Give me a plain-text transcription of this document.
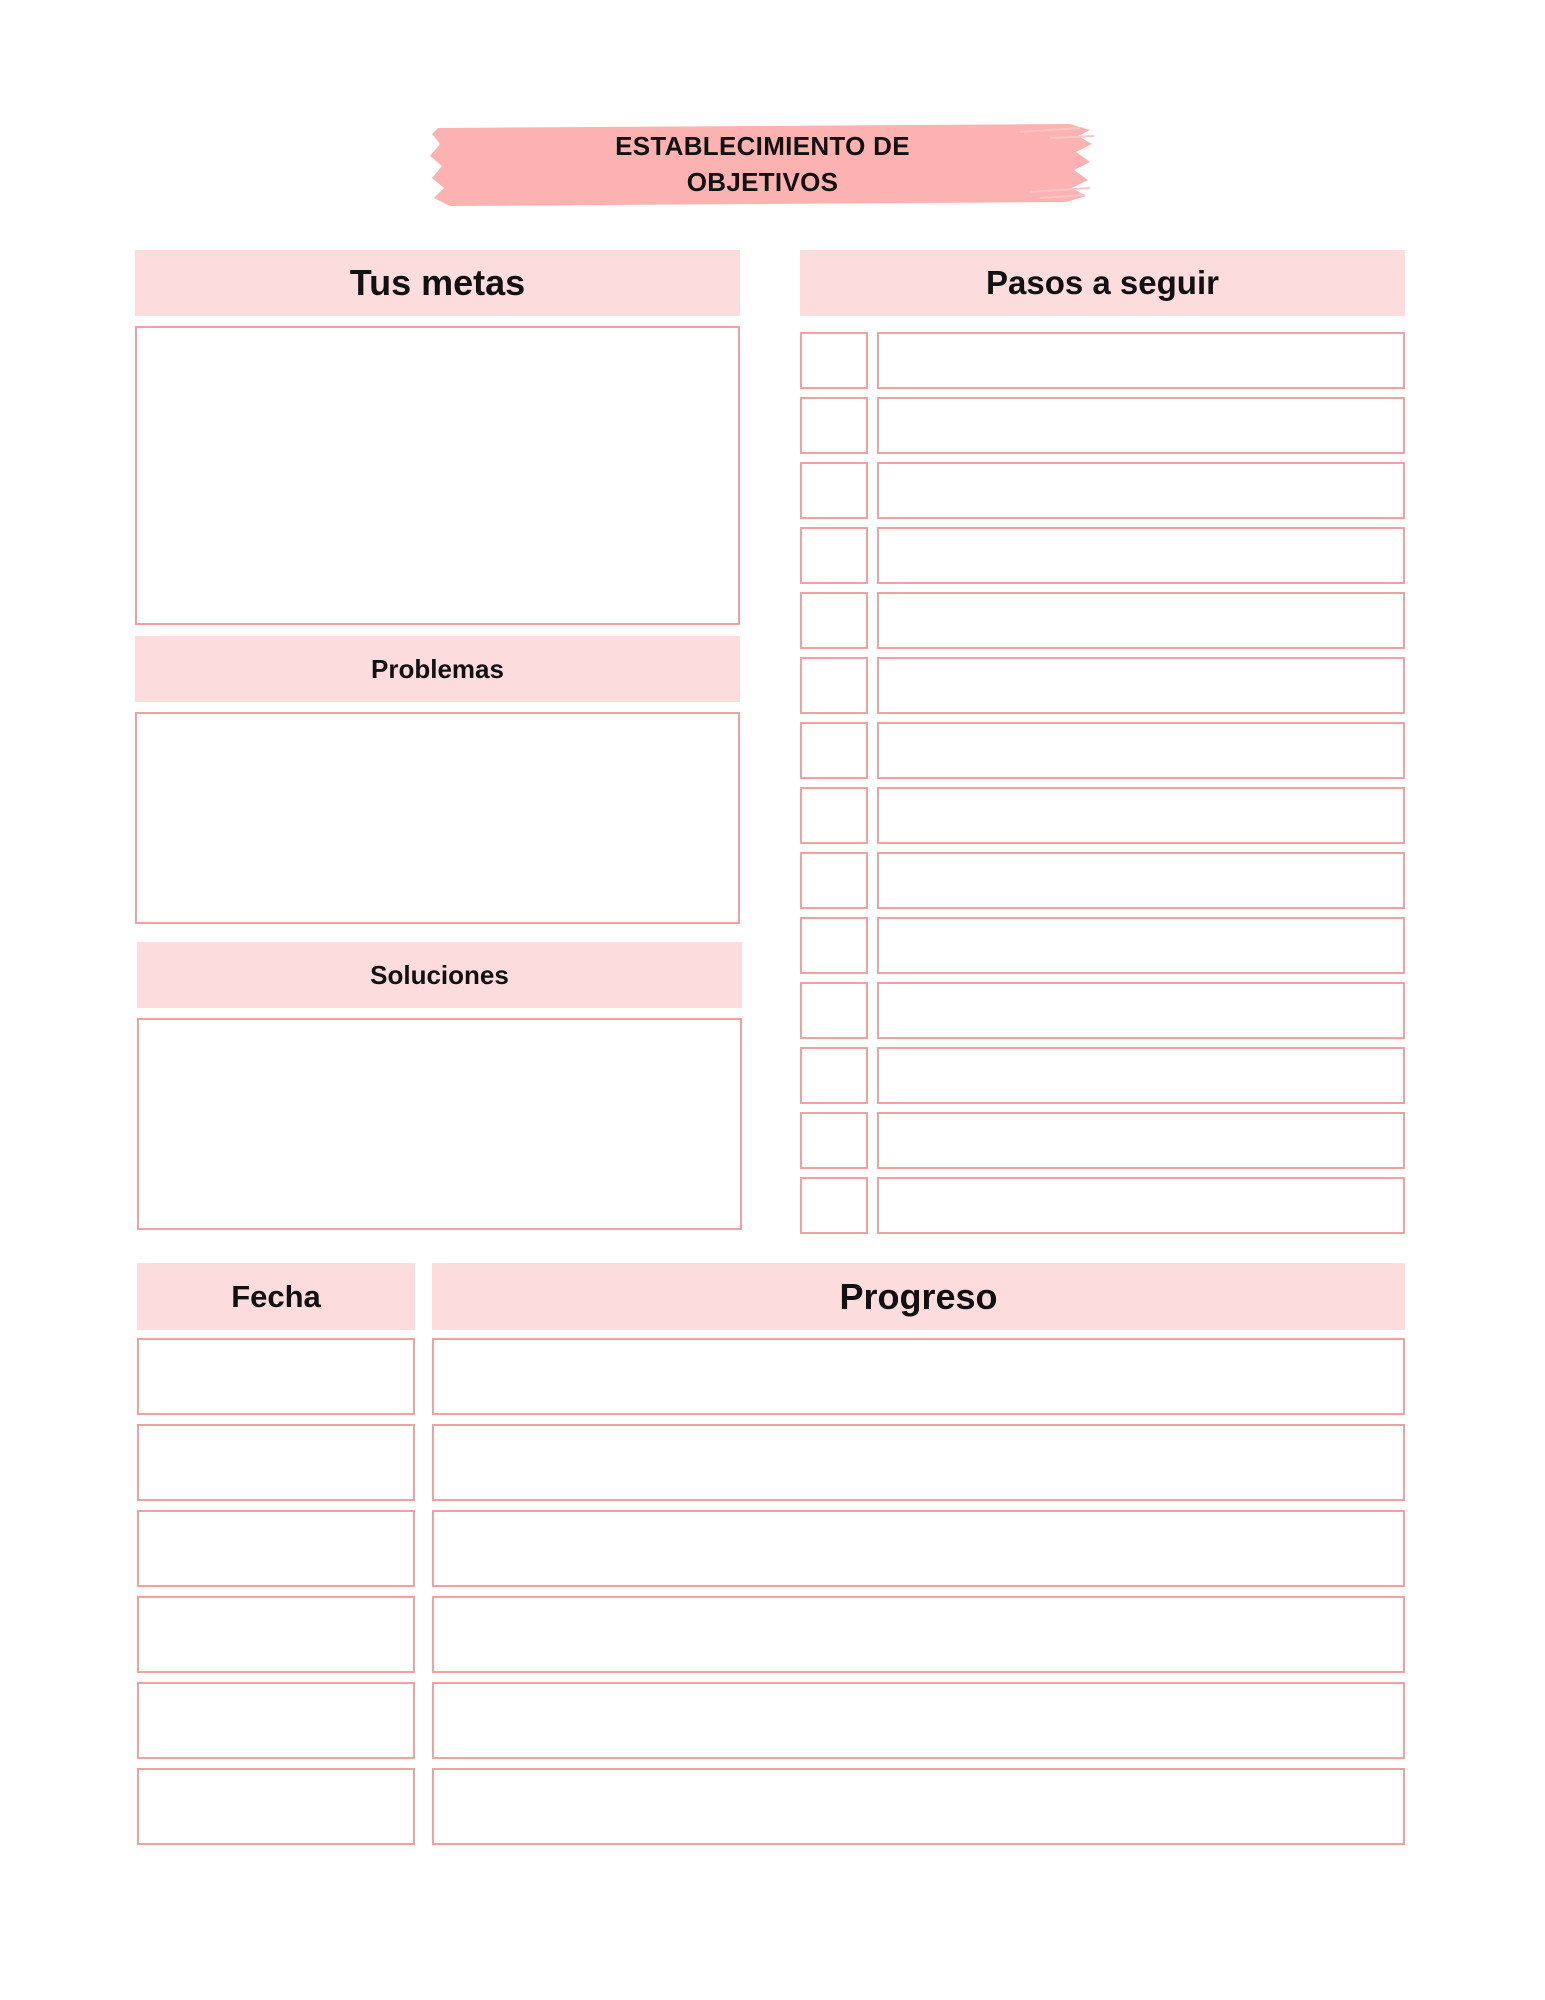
ESTABLECIMIENTO DE
OBJETIVOS
Tus metas
Problemas
Soluciones
Pasos a seguir
Fecha	Progreso
